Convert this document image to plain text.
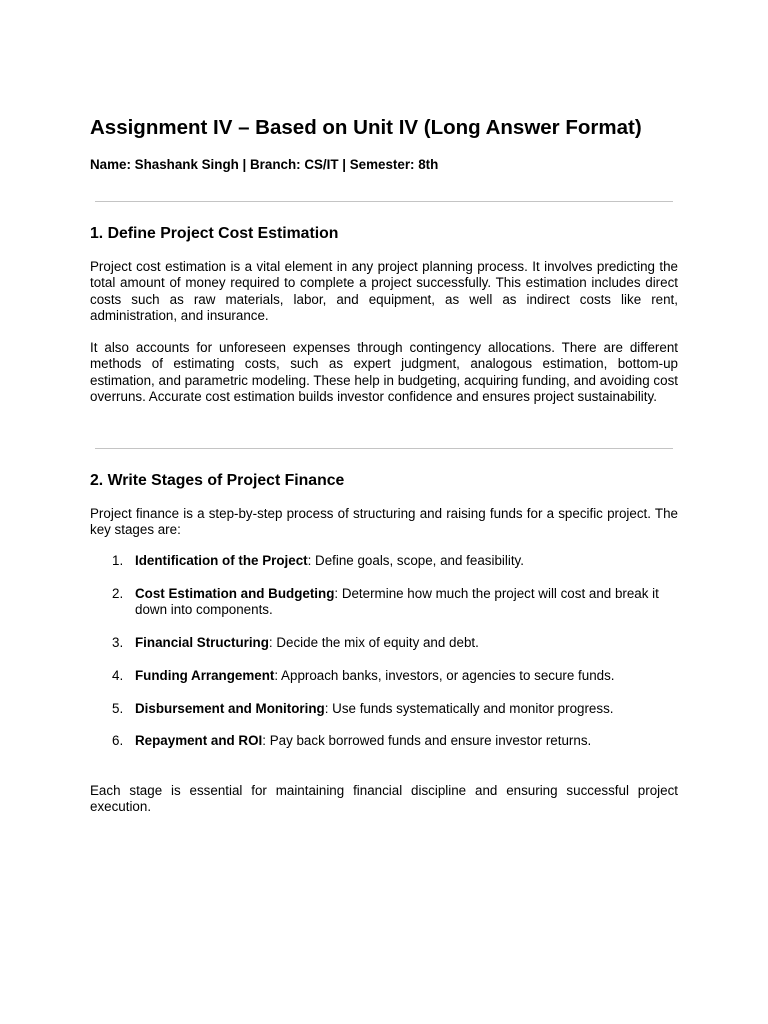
Assignment IV – Based on Unit IV (Long Answer Format)

Name: Shashank Singh | Branch: CS/IT | Semester: 8th

1. Define Project Cost Estimation

Project cost estimation is a vital element in any project planning process. It involves predicting the total amount of money required to complete a project successfully. This estimation includes direct costs such as raw materials, labor, and equipment, as well as indirect costs like rent, administration, and insurance.

It also accounts for unforeseen expenses through contingency allocations. There are different methods of estimating costs, such as expert judgment, analogous estimation, bottom-up estimation, and parametric modeling. These help in budgeting, acquiring funding, and avoiding cost overruns. Accurate cost estimation builds investor confidence and ensures project sustainability.

2. Write Stages of Project Finance

Project finance is a step-by-step process of structuring and raising funds for a specific project. The key stages are:

1. Identification of the Project: Define goals, scope, and feasibility.
2. Cost Estimation and Budgeting: Determine how much the project will cost and break it down into components.
3. Financial Structuring: Decide the mix of equity and debt.
4. Funding Arrangement: Approach banks, investors, or agencies to secure funds.
5. Disbursement and Monitoring: Use funds systematically and monitor progress.
6. Repayment and ROI: Pay back borrowed funds and ensure investor returns.

Each stage is essential for maintaining financial discipline and ensuring successful project execution.
